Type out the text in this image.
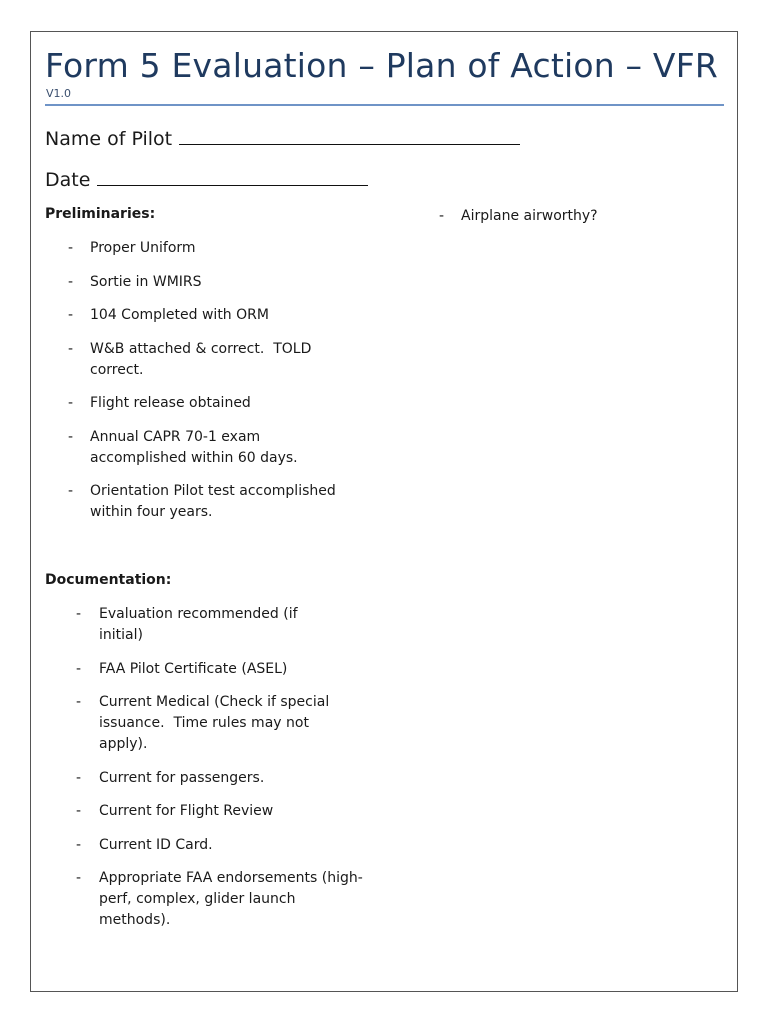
Form 5 Evaluation – Plan of Action – VFR
V1.0
Name of Pilot
Date
Preliminaries:
- Proper Uniform
- Sortie in WMIRS
- 104 Completed with ORM
- W&B attached & correct.  TOLD correct.
- Flight release obtained
- Annual CAPR 70-1 exam accomplished within 60 days.
- Orientation Pilot test accomplished within four years.
- Airplane airworthy?
Documentation:
- Evaluation recommended (if initial)
- FAA Pilot Certificate (ASEL)
- Current Medical (Check if special issuance.  Time rules may not apply).
- Current for passengers.
- Current for Flight Review
- Current ID Card.
- Appropriate FAA endorsements (high-perf, complex, glider launch methods).
